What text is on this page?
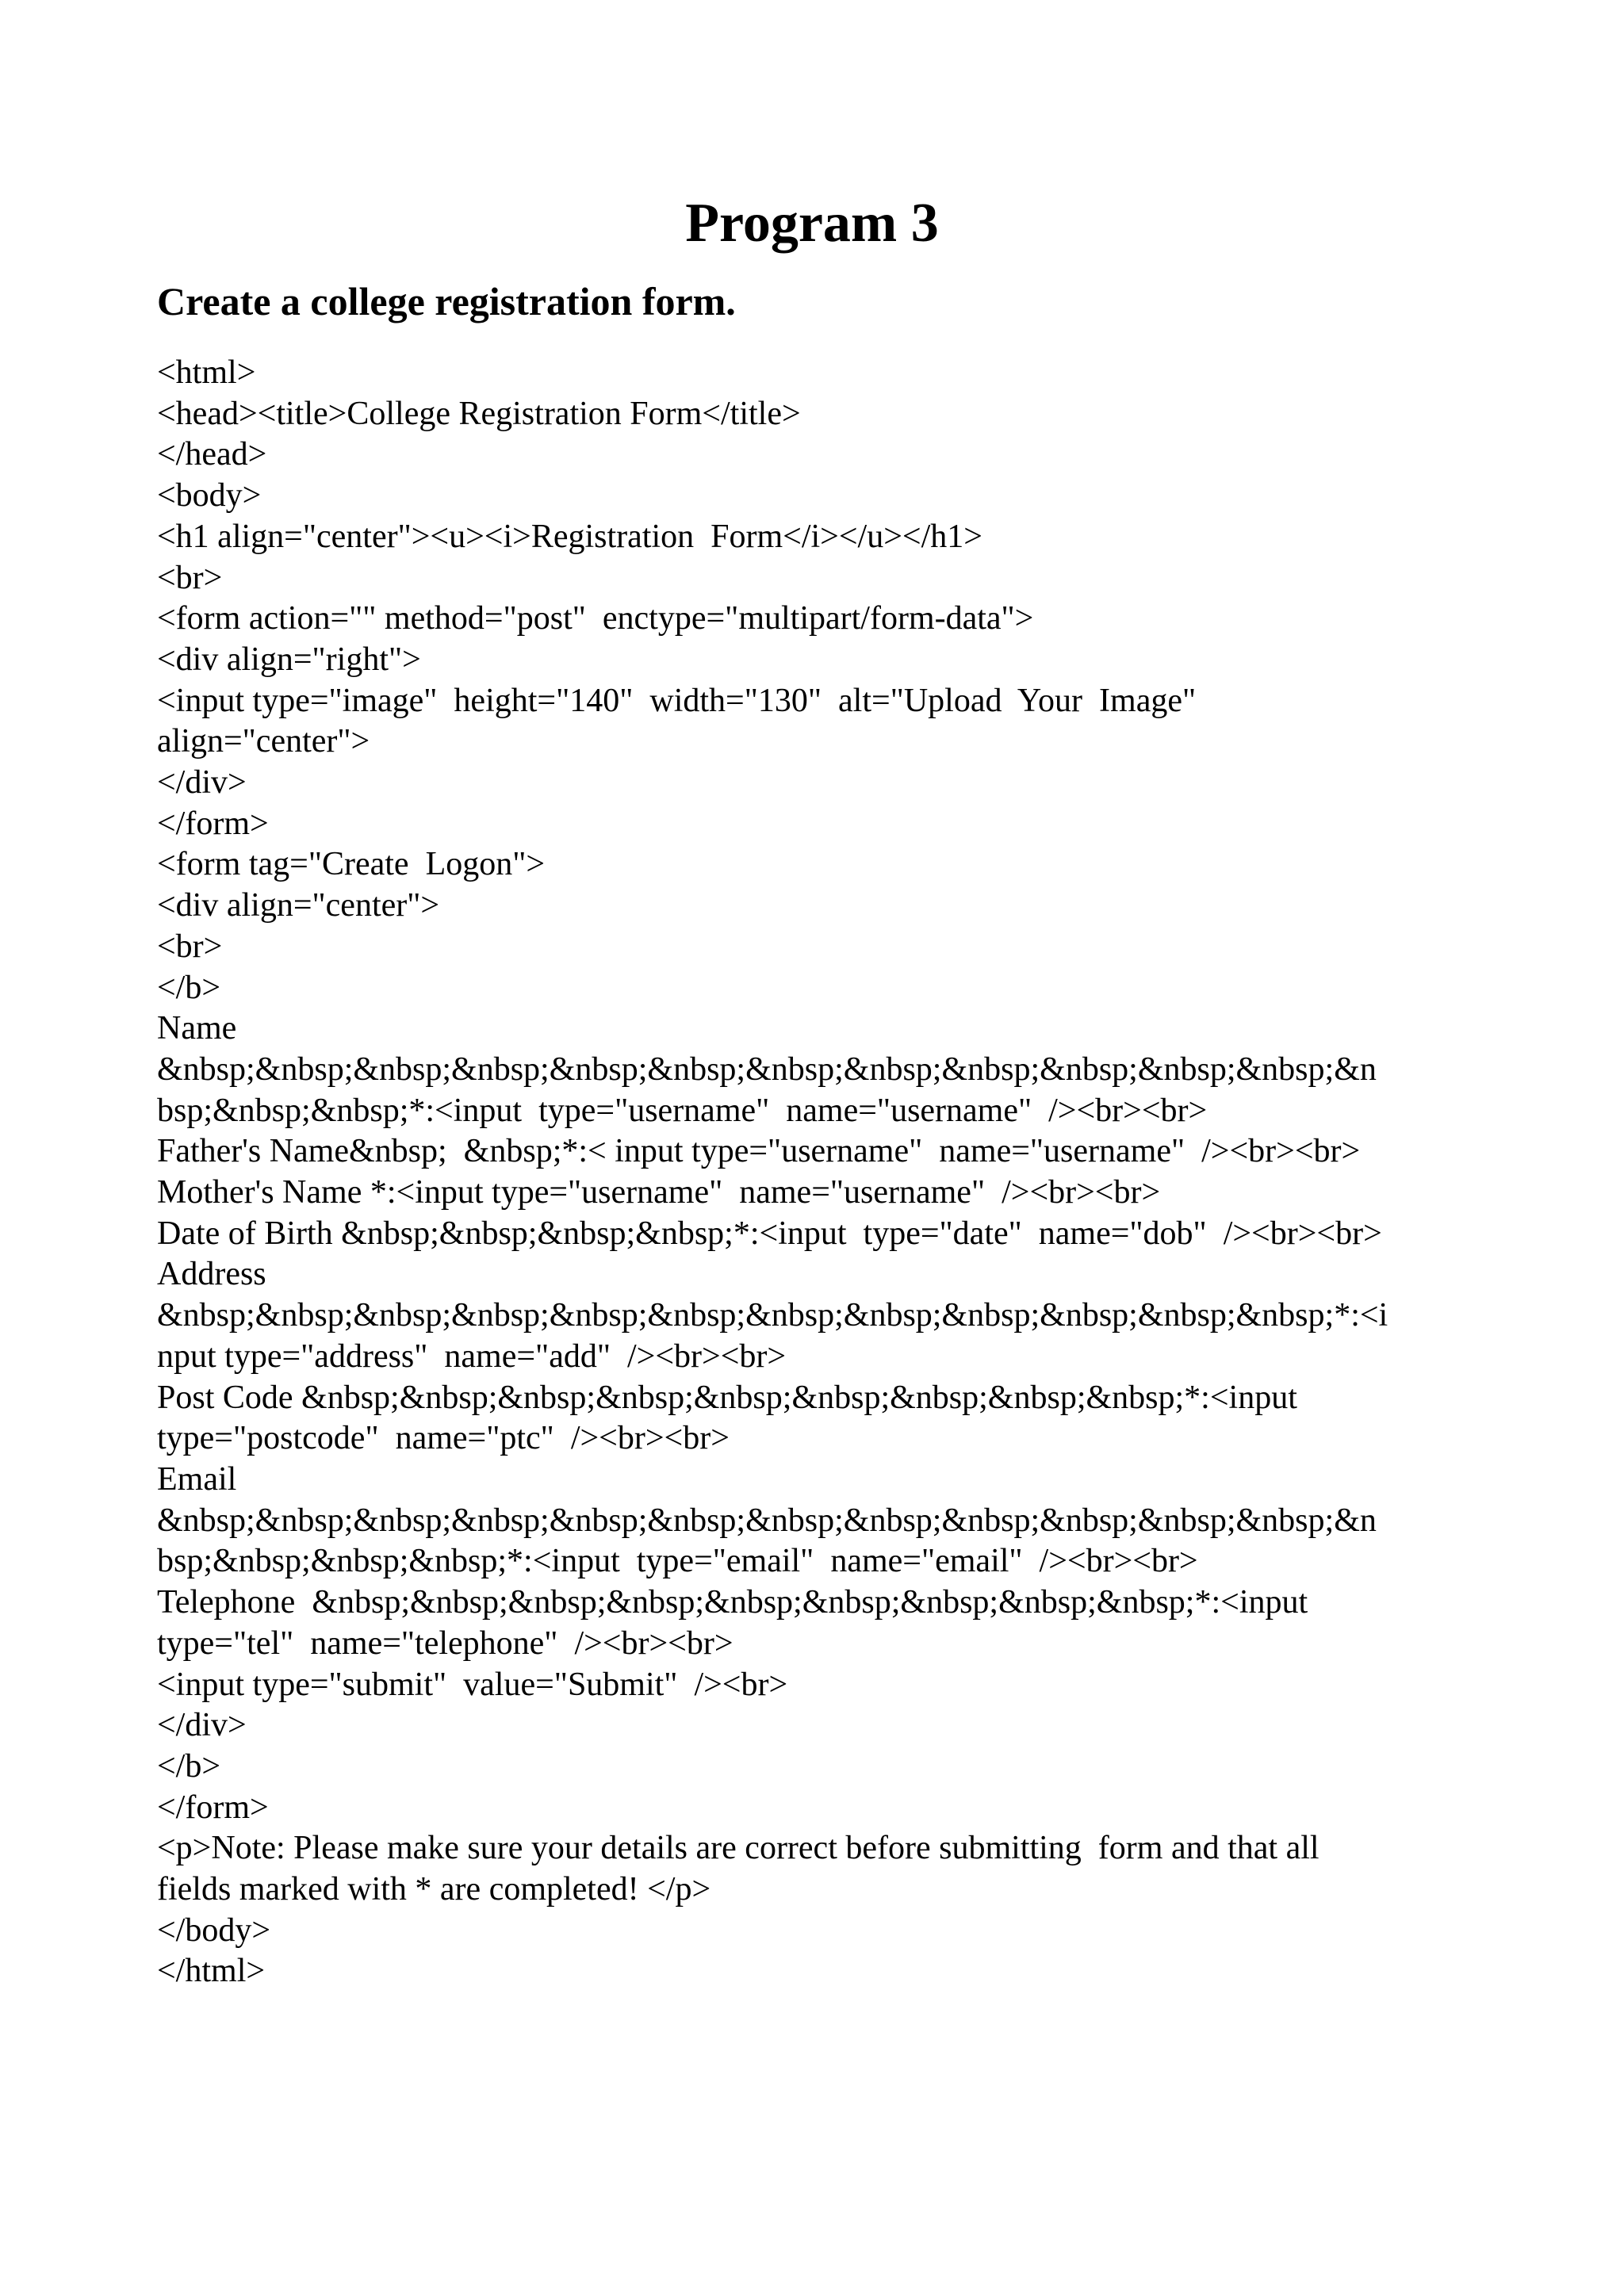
Program 3
Create a college registration form.
<html>
<head><title>College Registration Form</title>
</head>
<body>
<h1 align="center"><u><i>Registration  Form</i></u></h1>
<br>
<form action="" method="post"  enctype="multipart/form-data">
<div align="right">
<input type="image"  height="140"  width="130"  alt="Upload  Your  Image"
align="center">
</div>
</form>
<form tag="Create  Logon">
<div align="center">
<br>
</b>
Name
&nbsp;&nbsp;&nbsp;&nbsp;&nbsp;&nbsp;&nbsp;&nbsp;&nbsp;&nbsp;&nbsp;&nbsp;&n
bsp;&nbsp;&nbsp;*:<input  type="username"  name="username"  /><br><br>
Father's Name&nbsp;  &nbsp;*:< input type="username"  name="username"  /><br><br>
Mother's Name *:<input type="username"  name="username"  /><br><br>
Date of Birth &nbsp;&nbsp;&nbsp;&nbsp;*:<input  type="date"  name="dob"  /><br><br>
Address
&nbsp;&nbsp;&nbsp;&nbsp;&nbsp;&nbsp;&nbsp;&nbsp;&nbsp;&nbsp;&nbsp;&nbsp;*:<i
nput type="address"  name="add"  /><br><br>
Post Code &nbsp;&nbsp;&nbsp;&nbsp;&nbsp;&nbsp;&nbsp;&nbsp;&nbsp;*:<input
type="postcode"  name="ptc"  /><br><br>
Email
&nbsp;&nbsp;&nbsp;&nbsp;&nbsp;&nbsp;&nbsp;&nbsp;&nbsp;&nbsp;&nbsp;&nbsp;&n
bsp;&nbsp;&nbsp;&nbsp;*:<input  type="email"  name="email"  /><br><br>
Telephone  &nbsp;&nbsp;&nbsp;&nbsp;&nbsp;&nbsp;&nbsp;&nbsp;&nbsp;*:<input
type="tel"  name="telephone"  /><br><br>
<input type="submit"  value="Submit"  /><br>
</div>
</b>
</form>
<p>Note: Please make sure your details are correct before submitting  form and that all
fields marked with * are completed! </p>
</body>
</html>
